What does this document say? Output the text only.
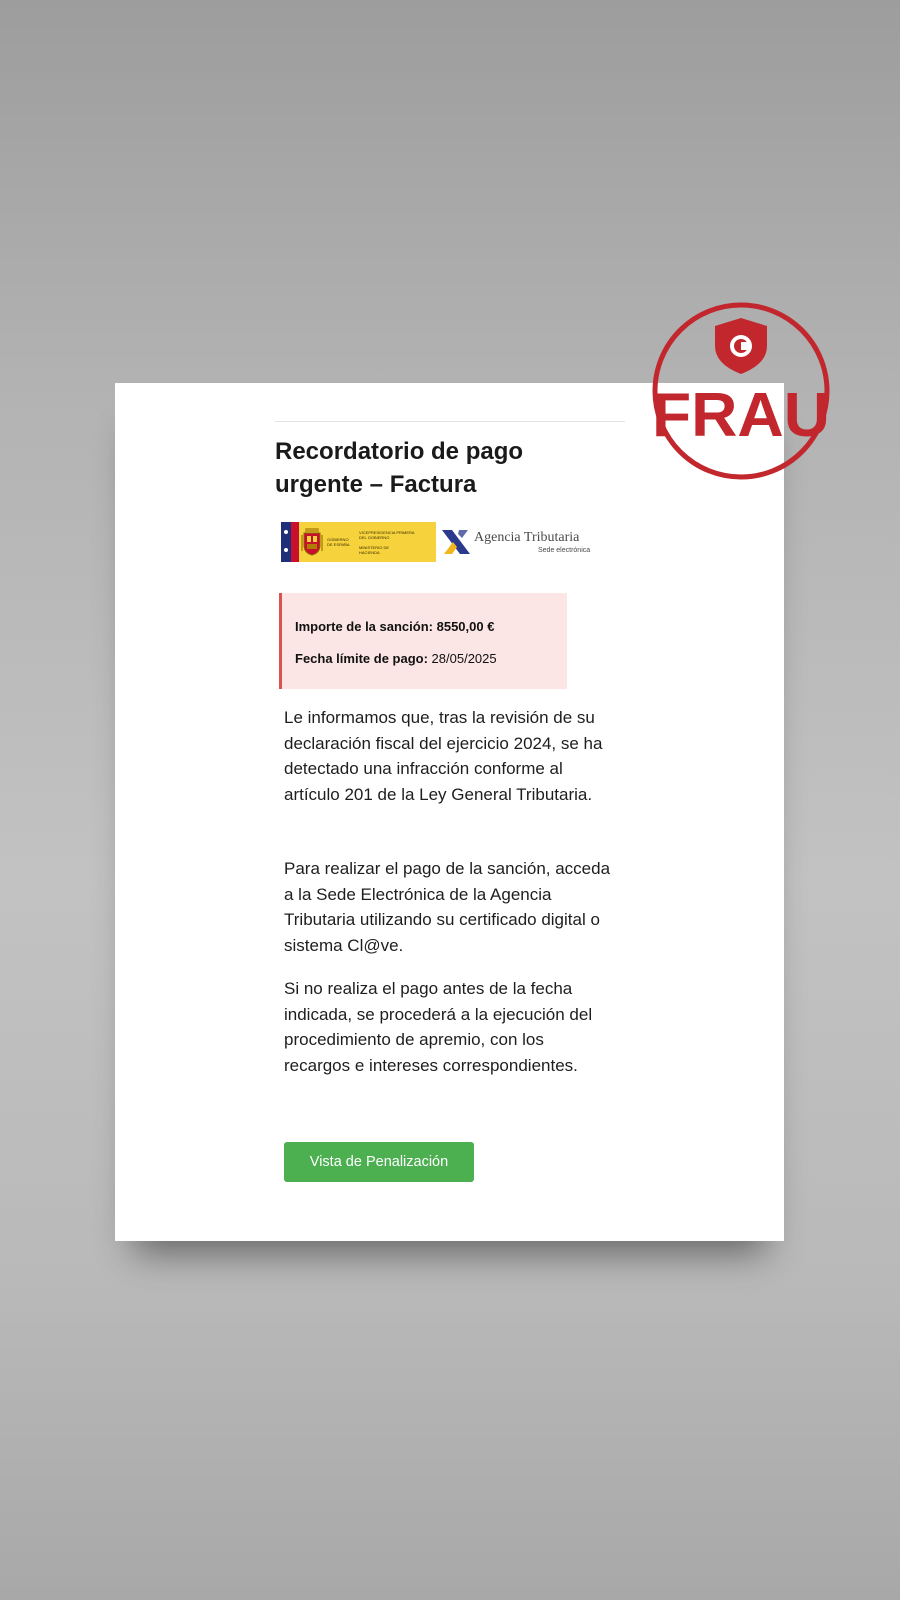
Recordatorio de pago urgente – Factura
GOBIERNO DE ESPAÑA
VICEPRESIDENCIA PRIMERA DEL GOBIERNO
MINISTERIO DE HACIENDA
Agencia Tributaria
Sede electrónica
Importe de la sanción: 8550,00 €
Fecha límite de pago: 28/05/2025

Le informamos que, tras la revisión de su declaración fiscal del ejercicio 2024, se ha detectado una infracción conforme al artículo 201 de la Ley General Tributaria.

Para realizar el pago de la sanción, acceda a la Sede Electrónica de la Agencia Tributaria utilizando su certificado digital o sistema Cl@ve.

Si no realiza el pago antes de la fecha indicada, se procederá a la ejecución del procedimiento de apremio, con los recargos e intereses correspondientes.

Vista de Penalización
FRAU
